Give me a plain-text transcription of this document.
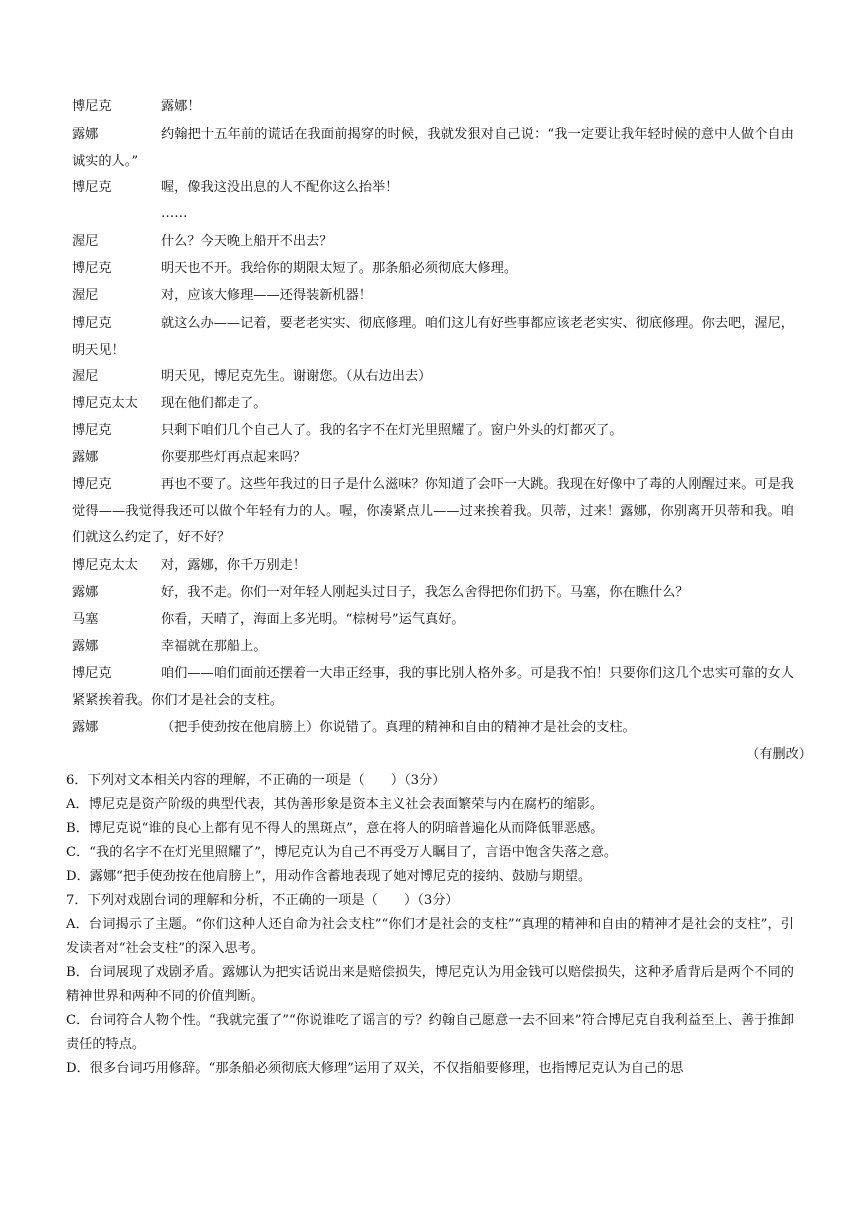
博尼克	露娜！
露娜	约翰把十五年前的谎话在我面前揭穿的时候，我就发狠对自己说：“我一定要让我年轻时候的意中人做个自由诚实的人。”
博尼克	喔，像我这没出息的人不配你这么抬举！
……
渥尼	什么？今天晚上船开不出去？
博尼克	明天也不开。我给你的期限太短了。那条船必须彻底大修理。
渥尼	对，应该大修理——还得装新机器！
博尼克	就这么办——记着，要老老实实、彻底修理。咱们这儿有好些事都应该老老实实、彻底修理。你去吧，渥尼，明天见！
渥尼	明天见，博尼克先生。谢谢您。（从右边出去）
博尼克太太	现在他们都走了。
博尼克	只剩下咱们几个自己人了。我的名字不在灯光里照耀了。窗户外头的灯都灭了。
露娜	你要那些灯再点起来吗？
博尼克	再也不要了。这些年我过的日子是什么滋味？你知道了会吓一大跳。我现在好像中了毒的人刚醒过来。可是我觉得——我觉得我还可以做个年轻有力的人。喔，你凑紧点儿——过来挨着我。贝蒂，过来！露娜，你别离开贝蒂和我。咱们就这么约定了，好不好？
博尼克太太	对，露娜，你千万别走！
露娜	好，我不走。你们一对年轻人刚起头过日子，我怎么舍得把你们扔下。马塞，你在瞧什么？
马塞	你看，天晴了，海面上多光明。“棕树号”运气真好。
露娜	幸福就在那船上。
博尼克	咱们——咱们面前还摆着一大串正经事，我的事比别人格外多。可是我不怕！只要你们这几个忠实可靠的女人紧紧挨着我。你们才是社会的支柱。
露娜	（把手使劲按在他肩膀上）你说错了。真理的精神和自由的精神才是社会的支柱。
（有删改）

6．下列对文本相关内容的理解，不正确的一项是（　　）（3分）

A．博尼克是资产阶级的典型代表，其伪善形象是资本主义社会表面繁荣与内在腐朽的缩影。

B．博尼克说“谁的良心上都有见不得人的黑斑点”，意在将人的阴暗普遍化从而降低罪恶感。

C．“我的名字不在灯光里照耀了”，博尼克认为自己不再受万人瞩目了，言语中饱含失落之意。

D．露娜“把手使劲按在他肩膀上”，用动作含蓄地表现了她对博尼克的接纳、鼓励与期望。

7．下列对戏剧台词的理解和分析，不正确的一项是（　　）（3分）

A．台词揭示了主题。“你们这种人还自命为社会支柱”“你们才是社会的支柱”“真理的精神和自由的精神才是社会的支柱”，引发读者对“社会支柱”的深入思考。

B．台词展现了戏剧矛盾。露娜认为把实话说出来是赔偿损失，博尼克认为用金钱可以赔偿损失，这种矛盾背后是两个不同的精神世界和两种不同的价值判断。

C．台词符合人物个性。“我就完蛋了”“你说谁吃了谣言的亏？约翰自己愿意一去不回来”符合博尼克自我利益至上、善于推卸责任的特点。

D．很多台词巧用修辞。“那条船必须彻底大修理”运用了双关，不仅指船要修理，也指博尼克认为自己的思
